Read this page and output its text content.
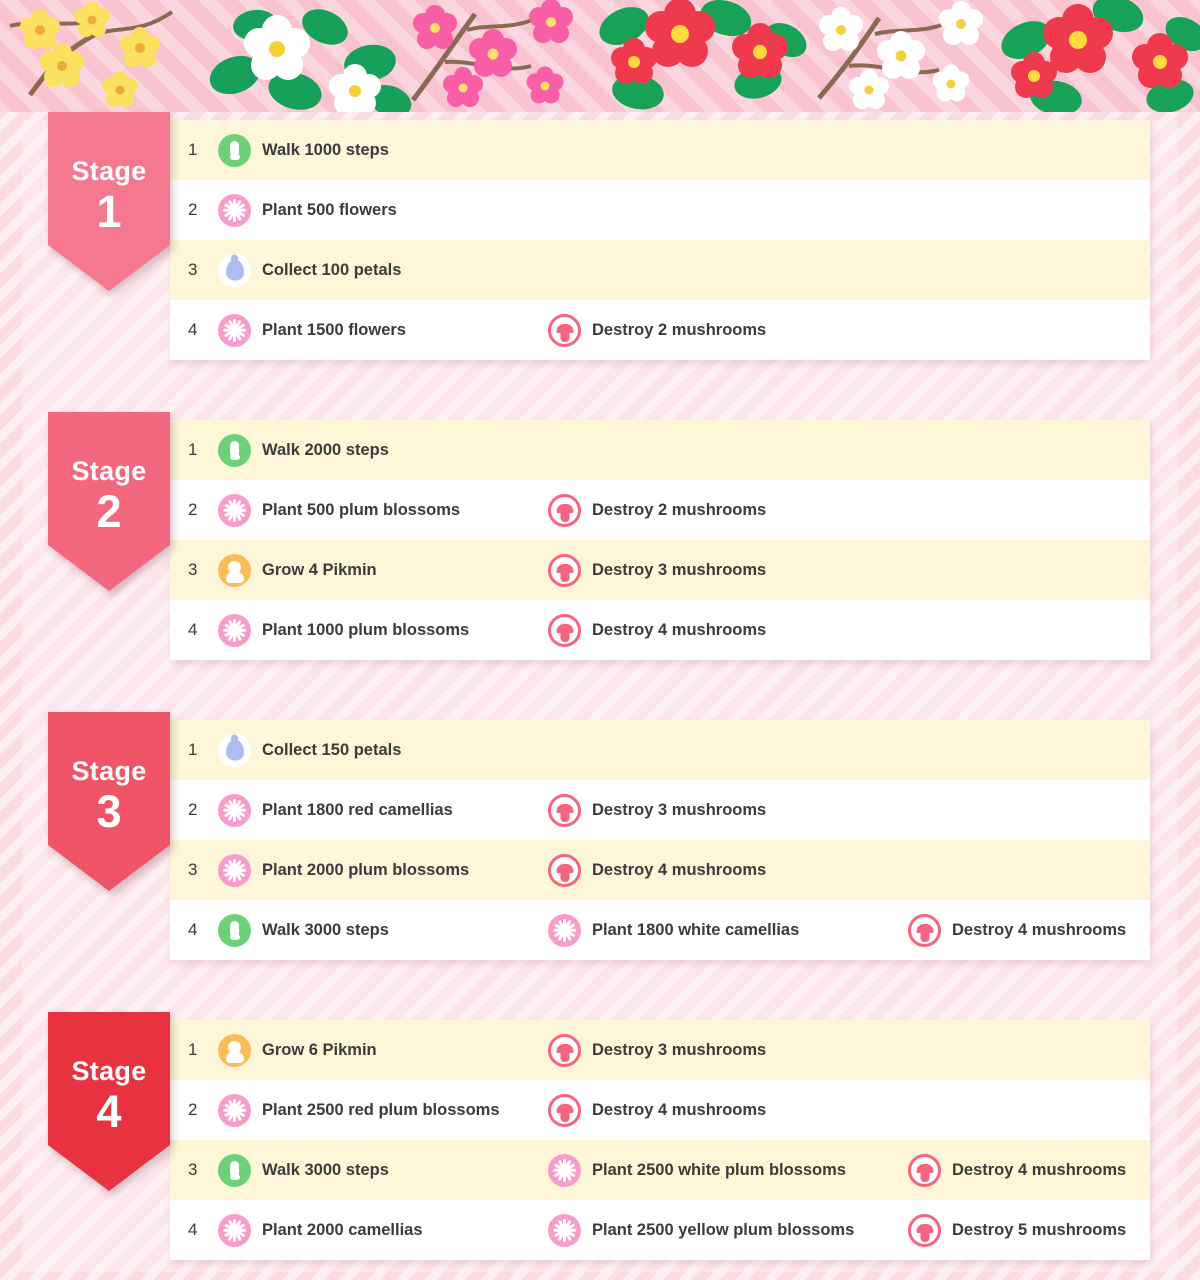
Stage
1
1	Walk 1000 steps
2	Plant 500 flowers
3	Collect 100 petals
4	Plant 1500 flowers	Destroy 2 mushrooms
Stage
2
1	Walk 2000 steps
2	Plant 500 plum blossoms	Destroy 2 mushrooms
3	Grow 4 Pikmin	Destroy 3 mushrooms
4	Plant 1000 plum blossoms	Destroy 4 mushrooms
Stage
3
1	Collect 150 petals
2	Plant 1800 red camellias	Destroy 3 mushrooms
3	Plant 2000 plum blossoms	Destroy 4 mushrooms
4	Walk 3000 steps	Plant 1800 white camellias	Destroy 4 mushrooms
Stage
4
1	Grow 6 Pikmin	Destroy 3 mushrooms
2	Plant 2500 red plum blossoms	Destroy 4 mushrooms
3	Walk 3000 steps	Plant 2500 white plum blossoms	Destroy 4 mushrooms
4	Plant 2000 camellias	Plant 2500 yellow plum blossoms	Destroy 5 mushrooms
